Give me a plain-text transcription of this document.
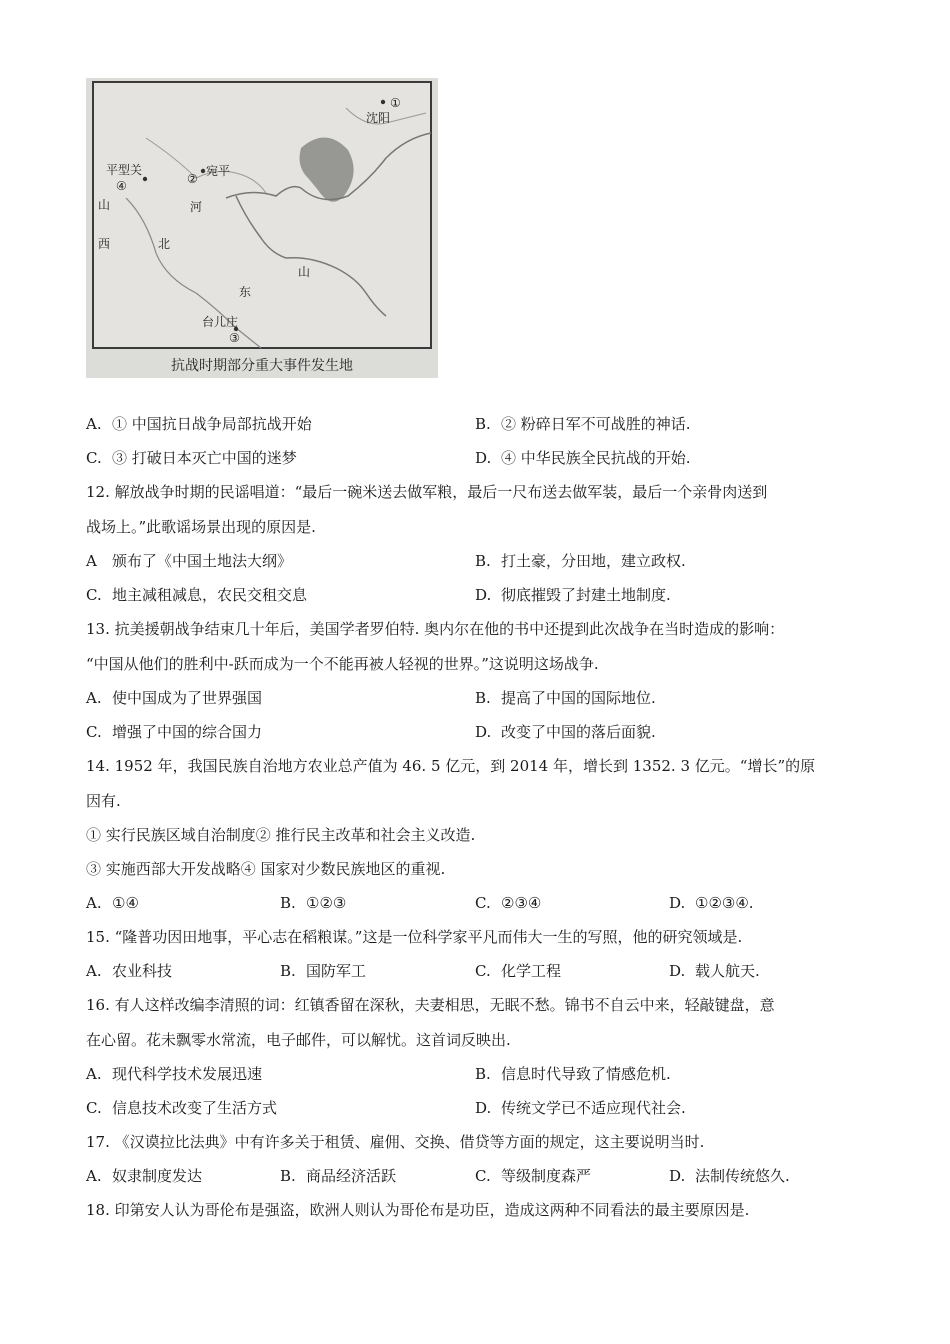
①
沈阳
平型关
④	②
宛平
山
西
河
北
山
东
台儿庄
③
抗战时期部分重大事件发生地
A. ① 中国抗日战争局部抗战开始	B. ② 粉碎日军不可战胜的神话.
C. ③ 打破日本灭亡中国的迷梦	D. ④ 中华民族全民抗战的开始.
12. 解放战争时期的民谣唱道：“最后一碗米送去做军粮，最后一尺布送去做军装，最后一个亲骨肉送到
战场上。”此歌谣场景出现的原因是.
A 颁布了《中国土地法大纲》	B. 打土豪，分田地，建立政权.
C. 地主减租减息，农民交租交息	D. 彻底摧毁了封建土地制度.
13. 抗美援朝战争结束几十年后，美国学者罗伯特. 奥内尔在他的书中还提到此次战争在当时造成的影响：
“中国从他们的胜利中-跃而成为一个不能再被人轻视的世界。”这说明这场战争.
A. 使中国成为了世界强国	B. 提高了中国的国际地位.
C. 增强了中国的综合国力	D. 改变了中国的落后面貌.
14. 1952 年，我国民族自治地方农业总产值为 46. 5 亿元，到 2014 年，增长到 1352. 3 亿元。“增长”的原
因有.
① 实行民族区域自治制度② 推行民主改革和社会主义改造.
③ 实施西部大开发战略④ 国家对少数民族地区的重视.
A. ①④	B. ①②③	C. ②③④	D. ①②③④.
15. “隆普功因田地事，平心志在稻粮谋。”这是一位科学家平凡而伟大一生的写照，他的研究领域是.
A. 农业科技	B. 国防军工	C. 化学工程	D. 载人航天.
16. 有人这样改编李清照的词：红镇香留在深秋，夫妻相思，无眠不愁。锦书不自云中来，轻敲键盘，意
在心留。花未飘零水常流，电子邮件，可以解忧。这首词反映出.
A. 现代科学技术发展迅速	B. 信息时代导致了情感危机.
C. 信息技术改变了生活方式	D. 传统文学已不适应现代社会.
17. 《汉谟拉比法典》中有许多关于租赁、雇佣、交换、借贷等方面的规定，这主要说明当时.
A. 奴隶制度发达	B. 商品经济活跃	C. 等级制度森严	D. 法制传统悠久.
18. 印第安人认为哥伦布是强盗，欧洲人则认为哥伦布是功臣，造成这两种不同看法的最主要原因是.
